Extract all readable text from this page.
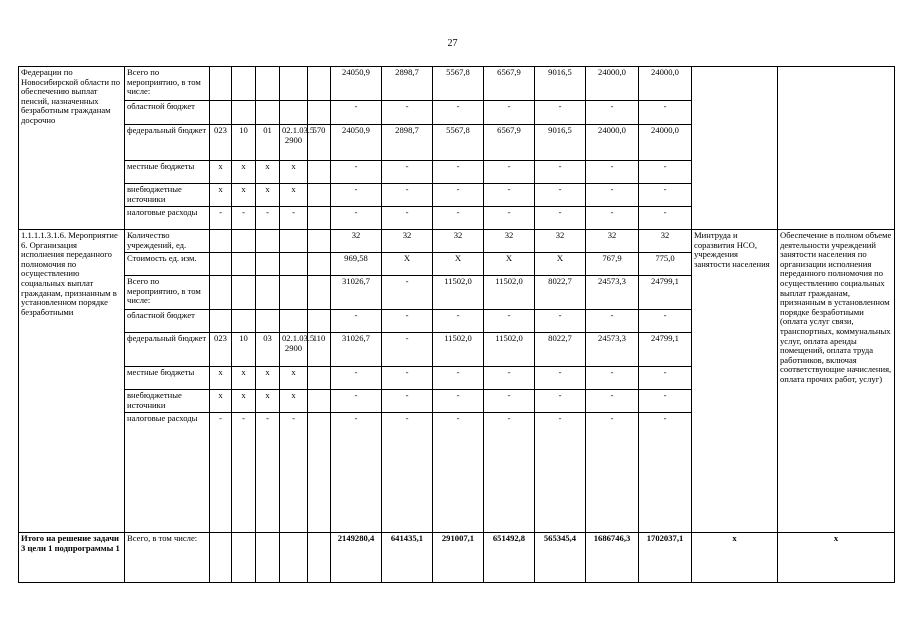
27
Федерации по Новосибирской области по обеспечению выплат пенсий, назначенных безработным гражданам досрочно	Всего по мероприятию, в том числе:						24050,9	2898,7	5567,8	6567,9	9016,5	24000,0	24000,0		
	областной бюджет						-	-	-	-	-	-	-		
	федеральный бюджет	023	10	01	02.1.03.5 2900	570	24050,9	2898,7	5567,8	6567,9	9016,5	24000,0	24000,0		
	местные бюджеты	x	x	x	x		-	-	-	-	-	-	-		
	внебюджетные источники	x	x	x	x		-	-	-	-	-	-	-		
	налоговые расходы	-	-	-	-		-	-	-	-	-	-	-		
1.1.1.1.3.1.6. Мероприятие 6. Организация исполнения переданного полномочия по осуществлению социальных выплат гражданам, признанным в установленном порядке безработными	Количество учреждений, ед.						32	32	32	32	32	32	32	Минтруда и соразвития НСО, учреждения занятости населения	Обеспечение в полном объеме деятельности учреждений занятости населения по организации исполнения переданного полномочия по осуществлению социальных выплат гражданам, признанным в установленном порядке безработными (оплата услуг связи, транспортных, коммунальных услуг, оплата аренды помещений, оплата труда работников, включая соответствующие начисления, оплата прочих работ, услуг)
	Стоимость ед. изм.						969,58	X	X	X	X	767,9	775,0		
	Всего по мероприятию, в том числе:						31026,7	-	11502,0	11502,0	8022,7	24573,3	24799,1		
	областной бюджет						-	-	-	-	-	-	-		
	федеральный бюджет	023	10	03	02.1.03.5 2900	110	31026,7	-	11502,0	11502,0	8022,7	24573,3	24799,1		
	местные бюджеты	x	x	x	x		-	-	-	-	-	-	-		
	внебюджетные источники	x	x	x	x		-	-	-	-	-	-	-		
	налоговые расходы	-	-	-	-		-	-	-	-	-	-	-		
Итого на решение задачи 3 цели 1 подпрограммы 1	Всего, в том числе:						2149280,4	641435,1	291007,1	651492,8	565345,4	1686746,3	1702037,1	x	x
